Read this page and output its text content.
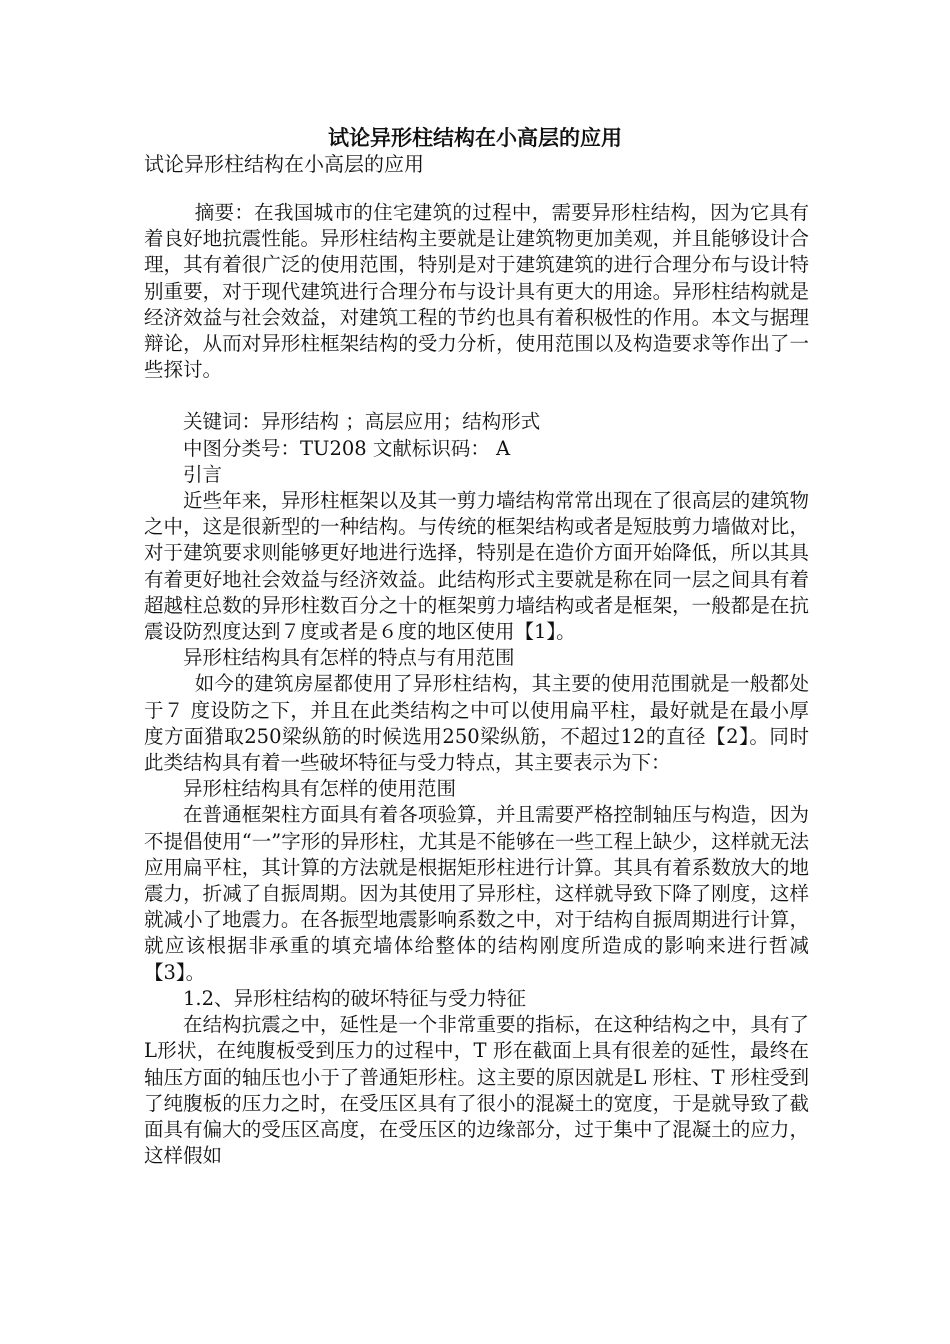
试论异形柱结构在小高层的应用
试论异形柱结构在小高层的应用

摘要：在我国城市的住宅建筑的过程中，需要异形柱结构，因为它具有着良好地抗震性能。异形柱结构主要就是让建筑物更加美观，并且能够设计合理，其有着很广泛的使用范围，特别是对于建筑建筑的进行合理分布与设计特别重要，对于现代建筑进行合理分布与设计具有更大的用途。异形柱结构就是经济效益与社会效益，对建筑工程的节约也具有着积极性的作用。本文与据理辩论，从而对异形柱框架结构的受力分析，使用范围以及构造要求等作出了一些探讨。

关键词：异形结构 ；高层应用；结构形式

中图分类号：TU208 文献标识码： A

引言

近些年来，异形柱框架以及其一剪力墙结构常常出现在了很高层的建筑物之中，这是很新型的一种结构。与传统的框架结构或者是短肢剪力墙做对比，对于建筑要求则能够更好地进行选择，特别是在造价方面开始降低，所以其具有着更好地社会效益与经济效益。此结构形式主要就是称在同一层之间具有着超越柱总数的异形柱数百分之十的框架剪力墙结构或者是框架，一般都是在抗震设防烈度达到７度或者是６度的地区使用【1】。

异形柱结构具有怎样的特点与有用范围

如今的建筑房屋都使用了异形柱结构，其主要的使用范围就是一般都处于７ 度设防之下，并且在此类结构之中可以使用扁平柱，最好就是在最小厚度方面猎取250梁纵筋的时候选用250梁纵筋，不超过12的直径【2】。同时此类结构具有着一些破坏特征与受力特点，其主要表示为下：

异形柱结构具有怎样的使用范围

在普通框架柱方面具有着各项验算，并且需要严格控制轴压与构造，因为不提倡使用“一”字形的异形柱，尤其是不能够在一些工程上缺少，这样就无法应用扁平柱，其计算的方法就是根据矩形柱进行计算。其具有着系数放大的地震力，折减了自振周期。因为其使用了异形柱，这样就导致下降了刚度，这样就减小了地震力。在各振型地震影响系数之中，对于结构自振周期进行计算，就应该根据非承重的填充墙体给整体的结构刚度所造成的影响来进行哲减【3】。

1.2、异形柱结构的破坏特征与受力特征

在结构抗震之中，延性是一个非常重要的指标，在这种结构之中，具有了L形状，在纯腹板受到压力的过程中，T 形在截面上具有很差的延性，最终在轴压方面的轴压也小于了普通矩形柱。这主要的原因就是L 形柱、T 形柱受到了纯腹板的压力之时，在受压区具有了很小的混凝土的宽度，于是就导致了截面具有偏大的受压区高度，在受压区的边缘部分，过于集中了混凝土的应力，这样假如
